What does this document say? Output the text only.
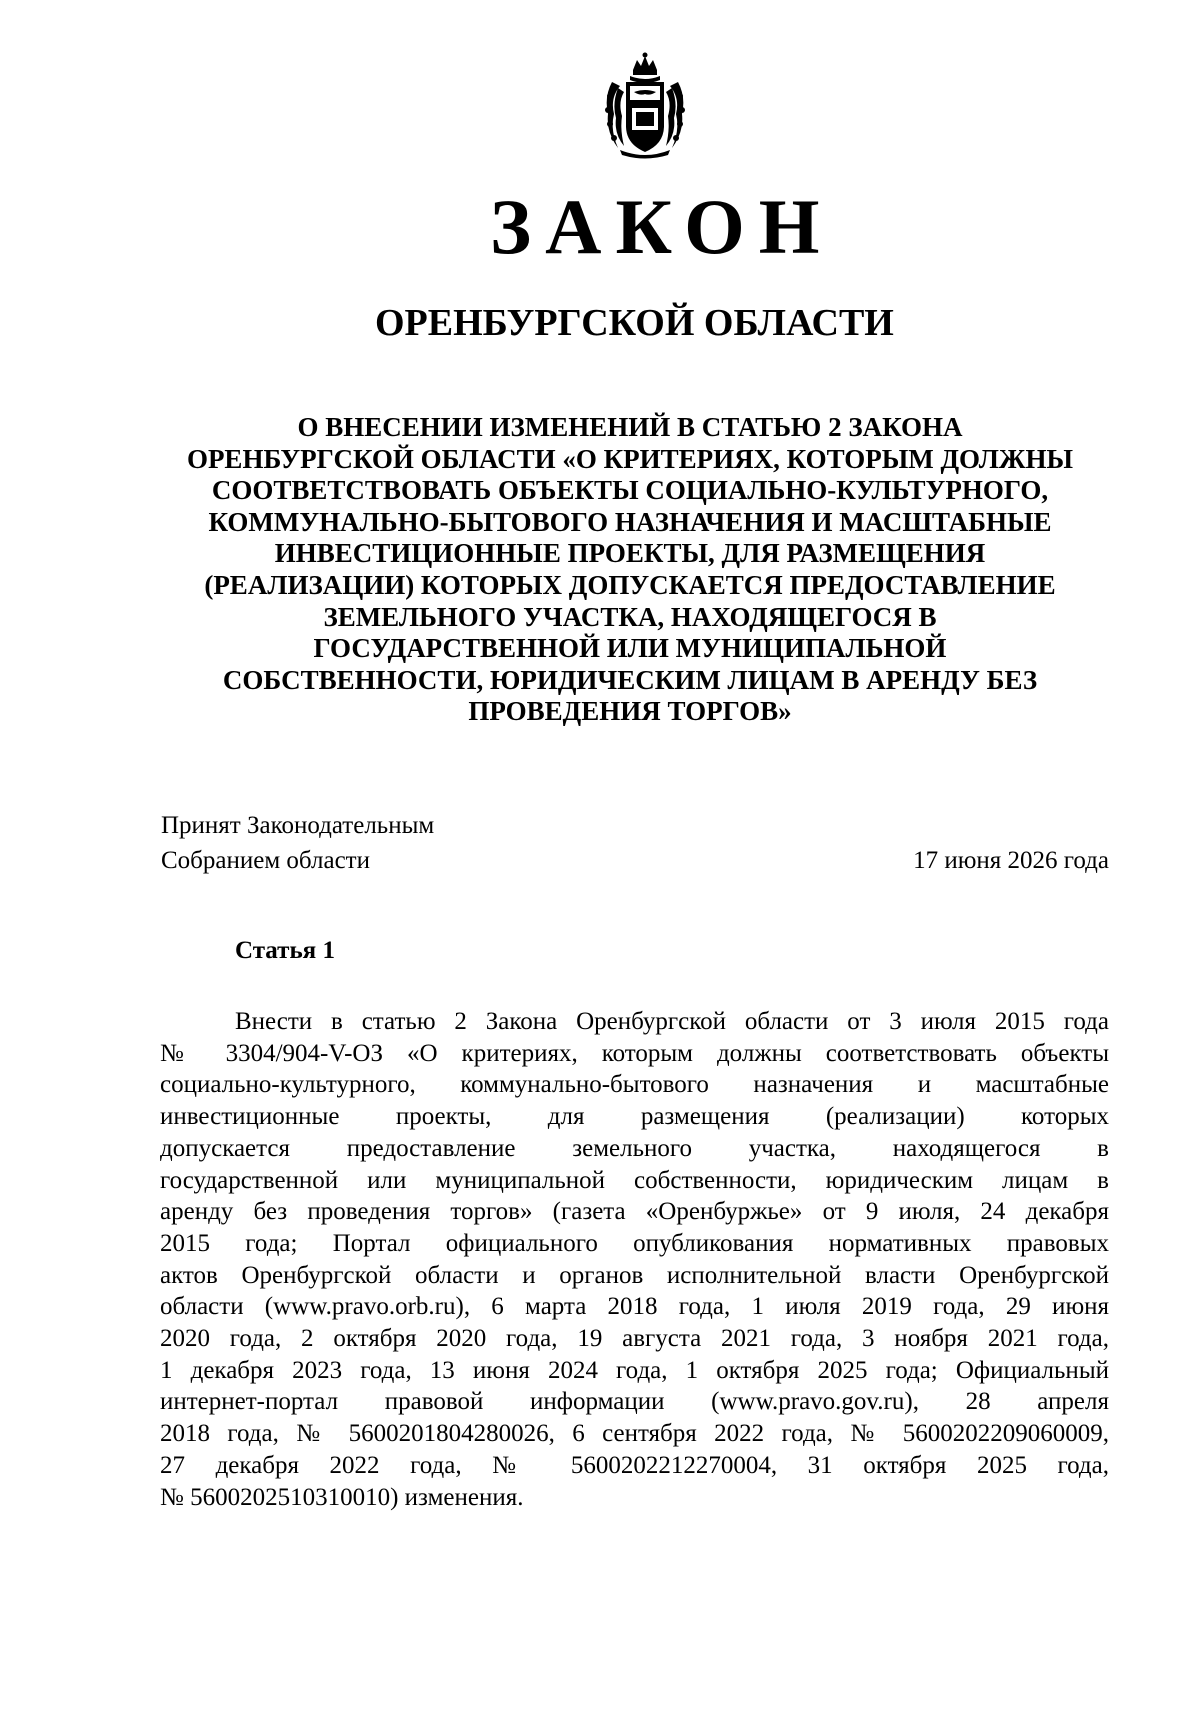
ЗАКОН
ОРЕНБУРГСКОЙ ОБЛАСТИ
О ВНЕСЕНИИ ИЗМЕНЕНИЙ В СТАТЬЮ 2 ЗАКОНА
ОРЕНБУРГСКОЙ ОБЛАСТИ «О КРИТЕРИЯХ, КОТОРЫМ ДОЛЖНЫ
СООТВЕТСТВОВАТЬ ОБЪЕКТЫ СОЦИАЛЬНО-КУЛЬТУРНОГО,
КОММУНАЛЬНО-БЫТОВОГО НАЗНАЧЕНИЯ И МАСШТАБНЫЕ
ИНВЕСТИЦИОННЫЕ ПРОЕКТЫ, ДЛЯ РАЗМЕЩЕНИЯ
(РЕАЛИЗАЦИИ) КОТОРЫХ ДОПУСКАЕТСЯ ПРЕДОСТАВЛЕНИЕ
ЗЕМЕЛЬНОГО УЧАСТКА, НАХОДЯЩЕГОСЯ В
ГОСУДАРСТВЕННОЙ ИЛИ МУНИЦИПАЛЬНОЙ
СОБСТВЕННОСТИ, ЮРИДИЧЕСКИМ ЛИЦАМ В АРЕНДУ БЕЗ
ПРОВЕДЕНИЯ ТОРГОВ»
Принят Законодательным
Собранием области	17 июня 2026 года
Статья 1
Внести в статью 2 Закона Оренбургской области от 3 июля 2015 года
№ 3304/904-V-ОЗ «О критериях, которым должны соответствовать объекты
социально-культурного, коммунально-бытового назначения и масштабные
инвестиционные проекты, для размещения (реализации) которых
допускается предоставление земельного участка, находящегося в
государственной или муниципальной собственности, юридическим лицам в
аренду без проведения торгов» (газета «Оренбуржье» от 9 июля, 24 декабря
2015 года; Портал официального опубликования нормативных правовых
актов Оренбургской области и органов исполнительной власти Оренбургской
области (www.pravo.orb.ru), 6 марта 2018 года, 1 июля 2019 года, 29 июня
2020 года, 2 октября 2020 года, 19 августа 2021 года, 3 ноября 2021 года,
1 декабря 2023 года, 13 июня 2024 года, 1 октября 2025 года; Официальный
интернет-портал правовой информации (www.pravo.gov.ru), 28 апреля
2018 года, № 5600201804280026, 6 сентября 2022 года, № 5600202209060009,
27 декабря 2022 года, № 5600202212270004, 31 октября 2025 года,
№ 5600202510310010) изменения.
